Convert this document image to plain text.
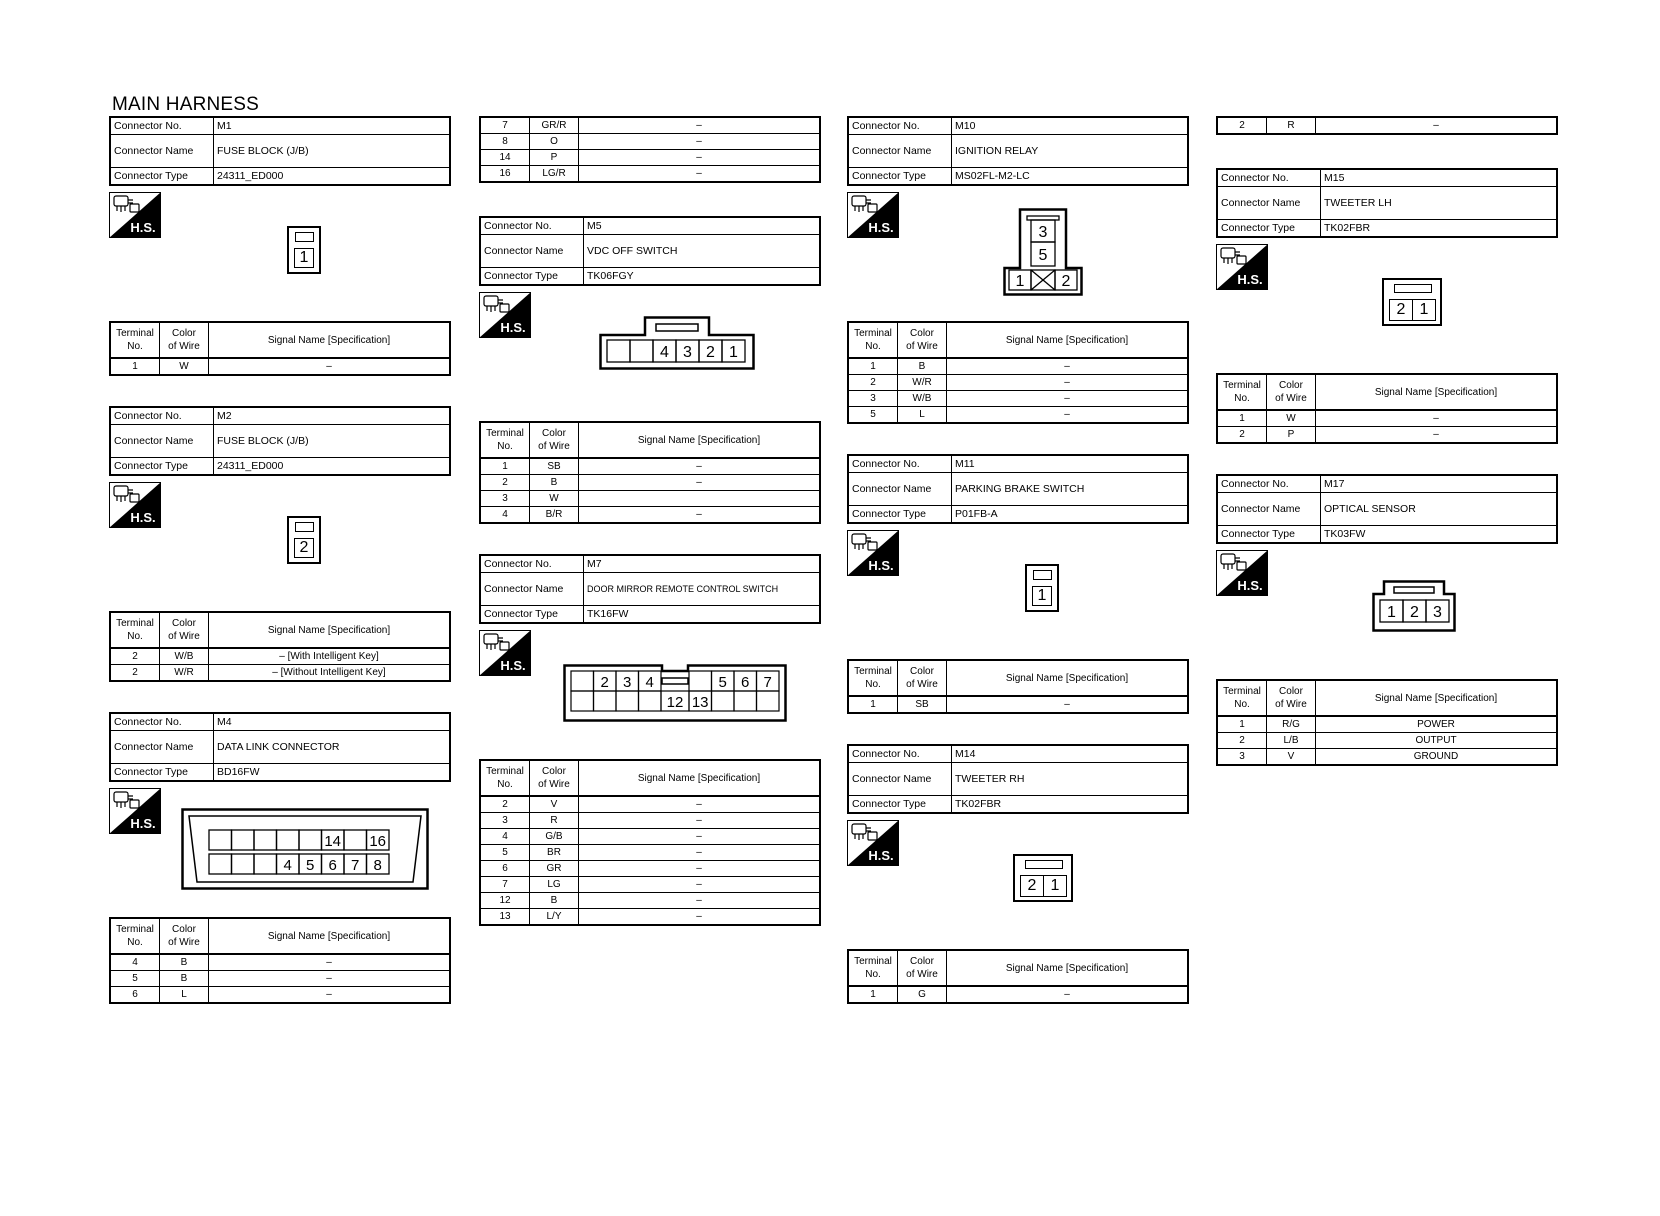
MAIN HARNESS
Connector No.	M1
Connector Name	FUSE BLOCK (J/B)
Connector Type	24311_ED000
1
Terminal
No.	Color
of Wire	Signal Name [Specification]
1	W	–
Connector No.	M2
Connector Name	FUSE BLOCK (J/B)
Connector Type	24311_ED000
2
Terminal
No.	Color
of Wire	Signal Name [Specification]
2	W/B	– [With Intelligent Key]
2	W/R	– [Without Intelligent Key]
Connector No.	M4
Connector Name	DATA LINK CONNECTOR
Connector Type	BD16FW
14 16
4 5 6 7 8
Terminal
No.	Color
of Wire	Signal Name [Specification]
4	B	–
5	B	–
6	L	–
7	GR/R	–
8	O	–
14	P	–
16	LG/R	–
Connector No.	M5
Connector Name	VDC OFF SWITCH
Connector Type	TK06FGY
4 3 2 1
Terminal
No.	Color
of Wire	Signal Name [Specification]
1	SB	–
2	B	–
3	W	
4	B/R	–
Connector No.	M7
Connector Name	DOOR MIRROR REMOTE CONTROL SWITCH
Connector Type	TK16FW
2 3 4	5 6 7
12 13
Terminal
No.	Color
of Wire	Signal Name [Specification]
2	V	–
3	R	–
4	G/B	–
5	BR	–
6	GR	–
7	LG	–
12	B	–
13	L/Y	–
Connector No.	M10
Connector Name	IGNITION RELAY
Connector Type	MS02FL-M2-LC
3
5
1 2
Terminal
No.	Color
of Wire	Signal Name [Specification]
1	B	–
2	W/R	–
3	W/B	–
5	L	–
Connector No.	M11
Connector Name	PARKING BRAKE SWITCH
Connector Type	P01FB-A
1
Terminal
No.	Color
of Wire	Signal Name [Specification]
1	SB	–
Connector No.	M14
Connector Name	TWEETER RH
Connector Type	TK02FBR
2 1
Terminal
No.	Color
of Wire	Signal Name [Specification]
1	G	–
2	R	–
Connector No.	M15
Connector Name	TWEETER LH
Connector Type	TK02FBR
2 1
Terminal
No.	Color
of Wire	Signal Name [Specification]
1	W	–
2	P	–
Connector No.	M17
Connector Name	OPTICAL SENSOR
Connector Type	TK03FW
1 2 3
Terminal
No.	Color
of Wire	Signal Name [Specification]
1	R/G	POWER
2	L/B	OUTPUT
3	V	GROUND
